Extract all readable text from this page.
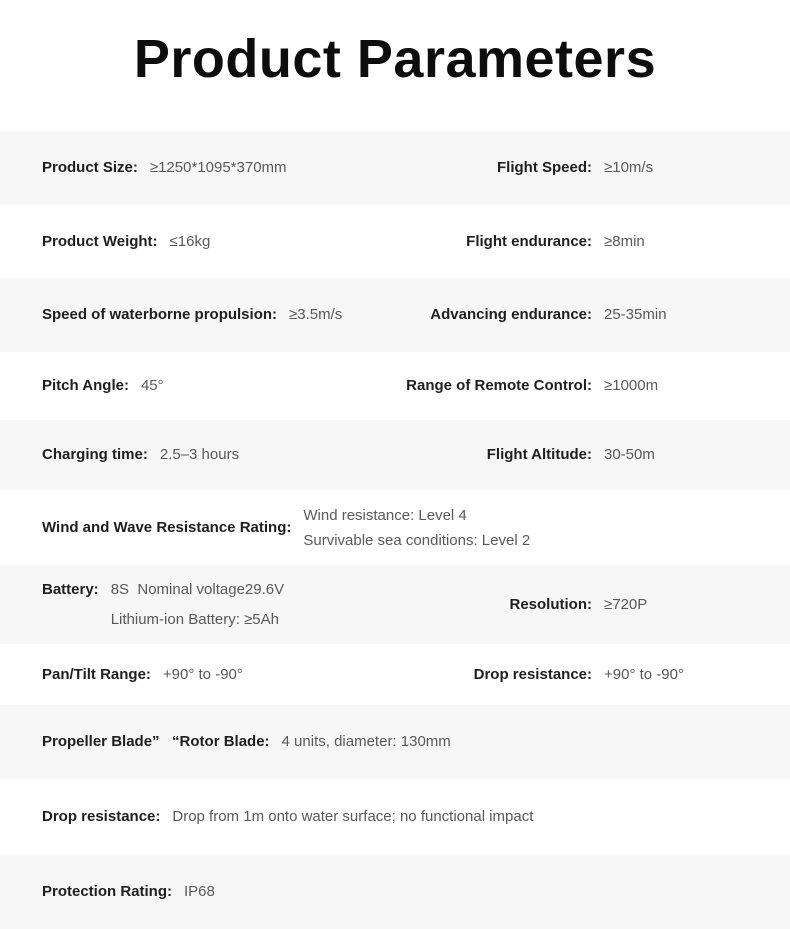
Product Parameters
Product Size: ≥1250*1095*370mm	Flight Speed: ≥10m/s
Product Weight: ≤16kg	Flight endurance: ≥8min
Speed of waterborne propulsion: ≥3.5m/s	Advancing endurance: 25-35min
Pitch Angle: 45°	Range of Remote Control: ≥1000m
Charging time: 2.5–3 hours	Flight Altitude: 30-50m
Wind and Wave Resistance Rating:
Wind resistance: Level 4
Survivable sea conditions: Level 2
Battery: 8S  Nominal voltage29.6V
Lithium-ion Battery: ≥5Ah
Resolution: ≥720P
Pan/Tilt Range: +90° to -90°	Drop resistance: +90° to -90°
Propeller Blade”   “Rotor Blade: 4 units, diameter: 130mm
Drop resistance: Drop from 1m onto water surface; no functional impact
Protection Rating: IP68
